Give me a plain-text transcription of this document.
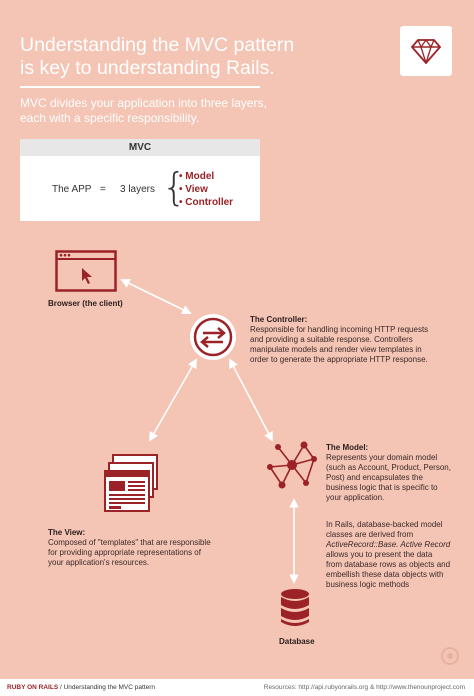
Understanding the MVC pattern
is key to understanding Rails.
MVC divides your application into three layers,
each with a specific responsibility.
MVC
The APP = 3 layers {
• Model
• View
• Controller
Browser (the client)
The Controller:
Responsible for handling incoming HTTP requests
and providing a suitable response. Controllers
manipulate models and render view templates in
order to generate the appropriate HTTP response.
The View:
Composed of "templates" that are responsible
for providing appropriate representations of
your application's resources.
The Model:
Represents your domain model
(such as Account, Product, Person,
Post) and encapsulates the
business logic that is specific to
your application.
In Rails, database-backed model
classes are derived from
ActiveRecord::Base. Active Record
allows you to present the data
from database rows as objects and
embellish these data objects with
business logic methods
Database
RUBY ON RAILS / Understanding the MVC pattern	Resources: http://api.rubyonrails.org & http://www.thenounproject.com
